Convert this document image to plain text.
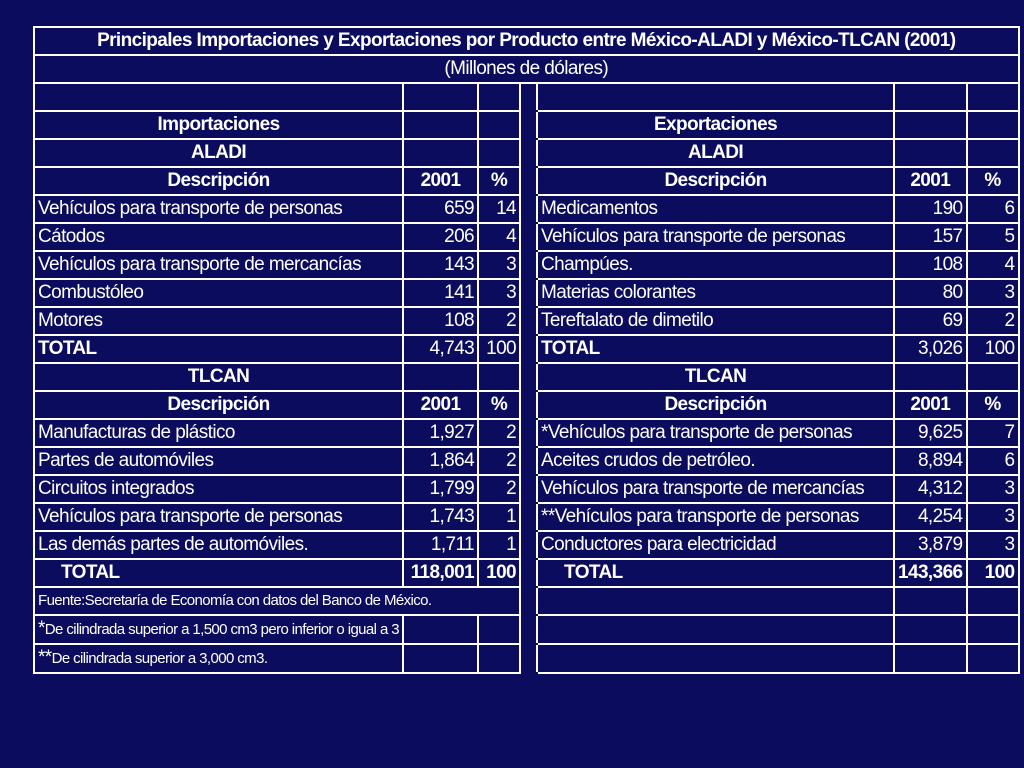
Principales Importaciones y Exportaciones por Producto entre México-ALADI y México-TLCAN (2001)						
(Millones de dólares)						

Importaciones				Exportaciones		
ALADI				ALADI		
Descripción	2001	%		Descripción	2001	%
Vehículos para transporte de personas	659	14		Medicamentos	190	6
Cátodos	206	4		Vehículos para transporte de personas	157	5
Vehículos para transporte de mercancías	143	3		Champúes.	108	4
Combustóleo	141	3		Materias colorantes	80	3
Motores	108	2		Tereftalato de dimetilo	69	2
TOTAL	4,743	100		TOTAL	3,026	100
TLCAN				TLCAN		
Descripción	2001	%		Descripción	2001	%
Manufacturas de plástico	1,927	2		*Vehículos para transporte de personas	9,625	7
Partes de automóviles	1,864	2		Aceites crudos de petróleo.	8,894	6
Circuitos integrados	1,799	2		Vehículos para transporte de mercancías	4,312	3
Vehículos para transporte de personas	1,743	1		**Vehículos para transporte de personas	4,254	3
Las demás partes de automóviles.	1,711	1		Conductores para electricidad	3,879	3
TOTAL	118,001	100		TOTAL	143,366	100
Fuente:Secretaría de Economía con datos del Banco de México.						
*De cilindrada superior a 1,500 cm3 pero inferior o igual a 3						
**De cilindrada superior a 3,000 cm3.						
